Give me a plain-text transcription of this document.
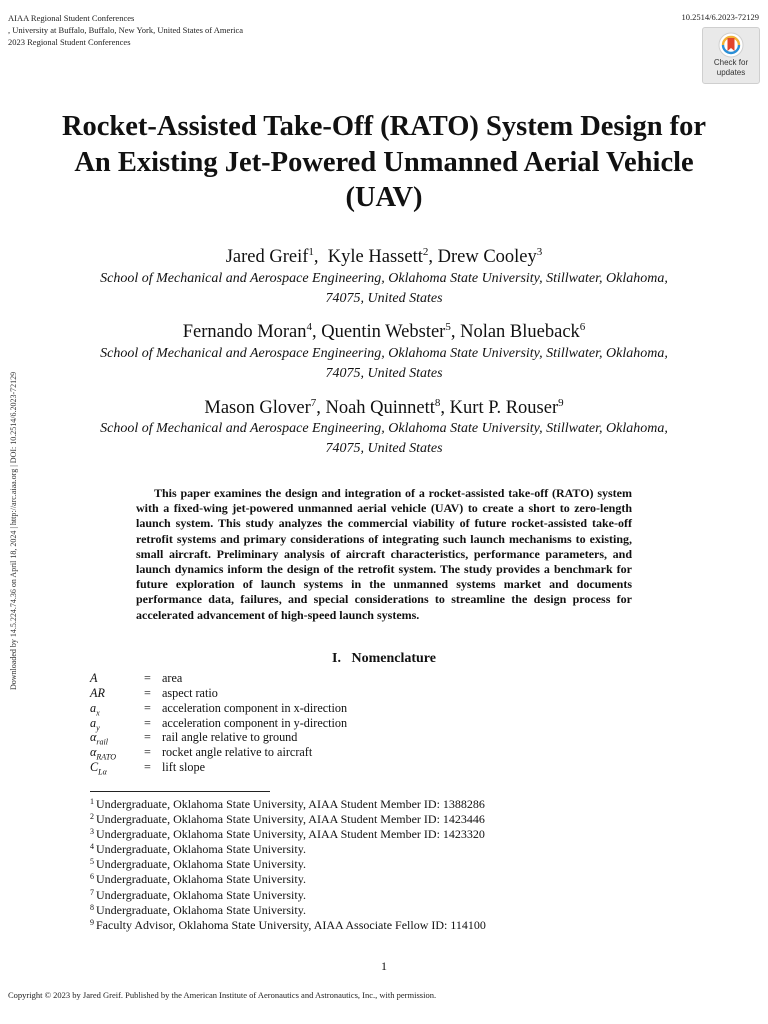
AIAA Regional Student Conferences
, University at Buffalo, Buffalo, New York, United States of America
2023 Regional Student Conferences
10.2514/6.2023-72129
Check for
updates
Downloaded by 14.5.224.74.36 on April 18, 2024 | http://arc.aiaa.org | DOI: 10.2514/6.2023-72129
Rocket-Assisted Take-Off (RATO) System Design for An Existing Jet-Powered Unmanned Aerial Vehicle (UAV)
Jared Greif$^1$,  Kyle Hassett$^2$, Drew Cooley$^3$
School of Mechanical and Aerospace Engineering, Oklahoma State University, Stillwater, Oklahoma, 74075, United States
Fernando Moran$^4$, Quentin Webster$^5$, Nolan Blueback$^6$
School of Mechanical and Aerospace Engineering, Oklahoma State University, Stillwater, Oklahoma, 74075, United States
Mason Glover$^7$, Noah Quinnett$^8$, Kurt P. Rouser$^9$
School of Mechanical and Aerospace Engineering, Oklahoma State University, Stillwater, Oklahoma, 74075, United States
This paper examines the design and integration of a rocket-assisted take-off (RATO) system with a fixed-wing jet-powered unmanned aerial vehicle (UAV) to create a short to zero-length launch system. This study analyzes the commercial viability of future rocket-assisted take-off retrofit systems and primary considerations of integrating such launch mechanisms to existing, small aircraft. Preliminary analysis of aircraft characteristics, performance parameters, and launch dynamics inform the design of the retrofit system. The study provides a benchmark for future exploration of launch systems in the unmanned systems market and documents performance data, failures, and special considerations to streamline the design process for accelerated advancement of high-speed launch systems.
I.   Nomenclature
A	= area
AR	= aspect ratio
$a_x$	= acceleration component in x-direction
$a_y$	= acceleration component in y-direction
$\alpha_{rail}$	= rail angle relative to ground
$\alpha_{RATO}$ = rocket angle relative to aircraft
$C_{L\alpha}$	= lift slope
$^1$ Undergraduate, Oklahoma State University, AIAA Student Member ID: 1388286
$^2$ Undergraduate, Oklahoma State University, AIAA Student Member ID: 1423446
$^3$ Undergraduate, Oklahoma State University, AIAA Student Member ID: 1423320
$^4$ Undergraduate, Oklahoma State University.
$^5$ Undergraduate, Oklahoma State University.
$^6$ Undergraduate, Oklahoma State University.
$^7$ Undergraduate, Oklahoma State University.
$^8$ Undergraduate, Oklahoma State University.
$^9$ Faculty Advisor, Oklahoma State University, AIAA Associate Fellow ID: 114100
1
Copyright © 2023 by Jared Greif. Published by the American Institute of Aeronautics and Astronautics, Inc., with permission.
